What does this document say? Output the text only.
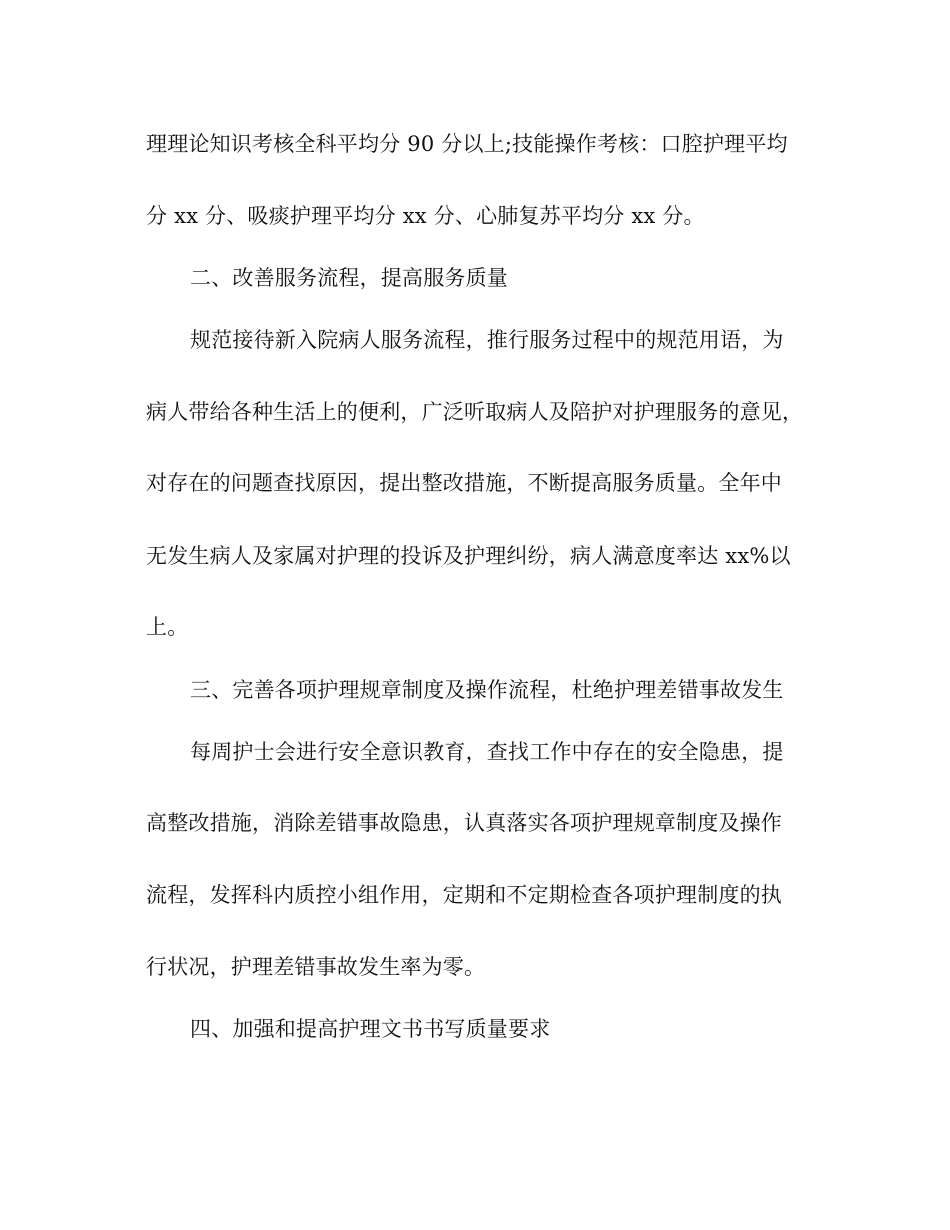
理理论知识考核全科平均分 90 分以上;技能操作考核：口腔护理平均
分 xx 分、吸痰护理平均分 xx 分、心肺复苏平均分 xx 分。
二、改善服务流程，提高服务质量
规范接待新入院病人服务流程，推行服务过程中的规范用语，为
病人带给各种生活上的便利，广泛听取病人及陪护对护理服务的意见，
对存在的问题查找原因，提出整改措施，不断提高服务质量。全年中
无发生病人及家属对护理的投诉及护理纠纷，病人满意度率达 xx%以
上。
三、完善各项护理规章制度及操作流程，杜绝护理差错事故发生
每周护士会进行安全意识教育，查找工作中存在的安全隐患，提
高整改措施，消除差错事故隐患，认真落实各项护理规章制度及操作
流程，发挥科内质控小组作用，定期和不定期检查各项护理制度的执
行状况，护理差错事故发生率为零。
四、加强和提高护理文书书写质量要求
